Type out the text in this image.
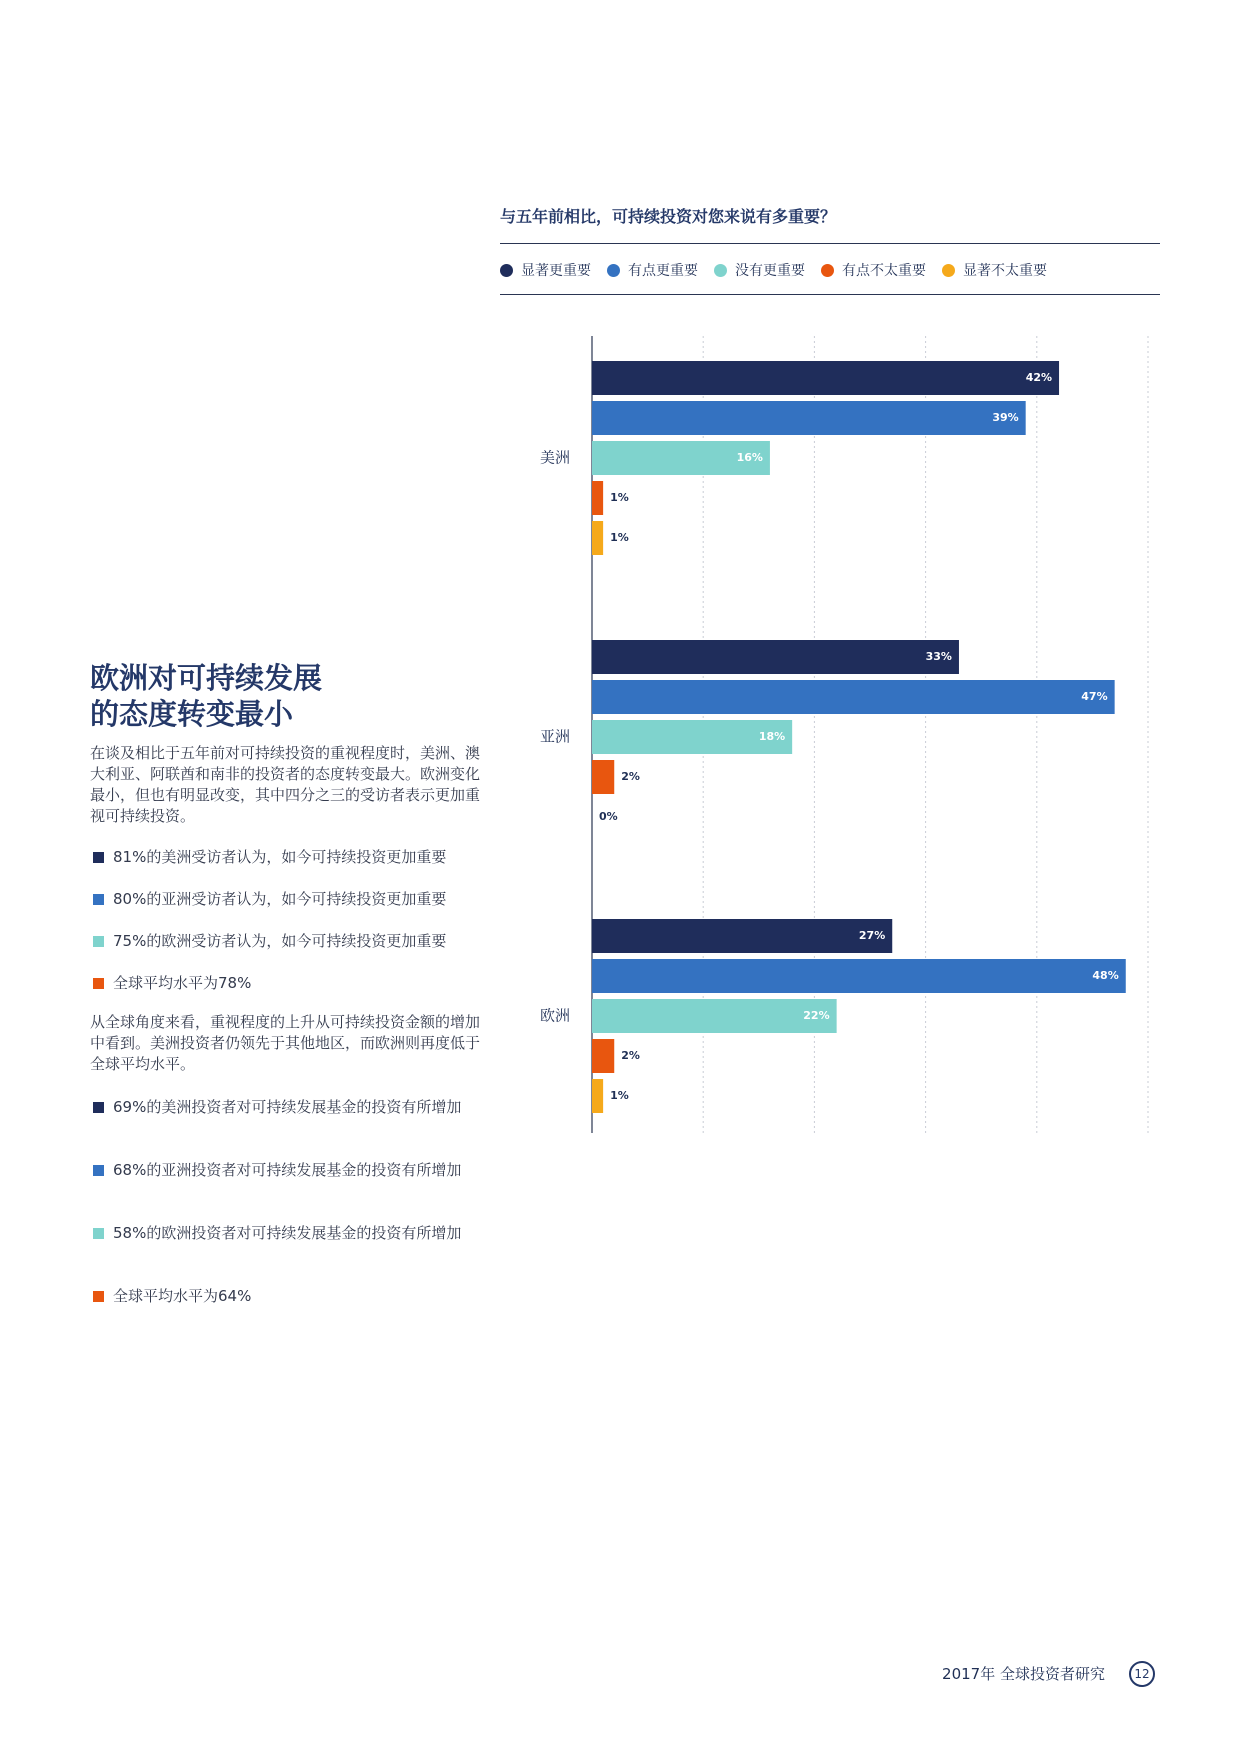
与五年前相比，可持续投资对您来说有多重要？
显著更重要	有点更重要	没有更重要	有点不太重要	显著不太重要
美洲
42%
39%
16%
1%
1%
亚洲
33%
47%
18%
2%
0%
欧洲
27%
48%
22%
2%
1%
欧洲对可持续发展
的态度转变最小

在谈及相比于五年前对可持续投资的重视程度时，美洲、澳大利亚、阿联酋和南非的投资者的态度转变最大。欧洲变化最小，但也有明显改变，其中四分之三的受访者表示更加重视可持续投资。

81%的美洲受访者认为，如今可持续投资更加重要
80%的亚洲受访者认为，如今可持续投资更加重要
75%的欧洲受访者认为，如今可持续投资更加重要
全球平均水平为78%

从全球角度来看，重视程度的上升从可持续投资金额的增加中看到。美洲投资者仍领先于其他地区，而欧洲则再度低于全球平均水平。

69%的美洲投资者对可持续发展基金的投资有所增加
68%的亚洲投资者对可持续发展基金的投资有所增加
58%的欧洲投资者对可持续发展基金的投资有所增加
全球平均水平为64%
2017年 全球投资者研究	12
